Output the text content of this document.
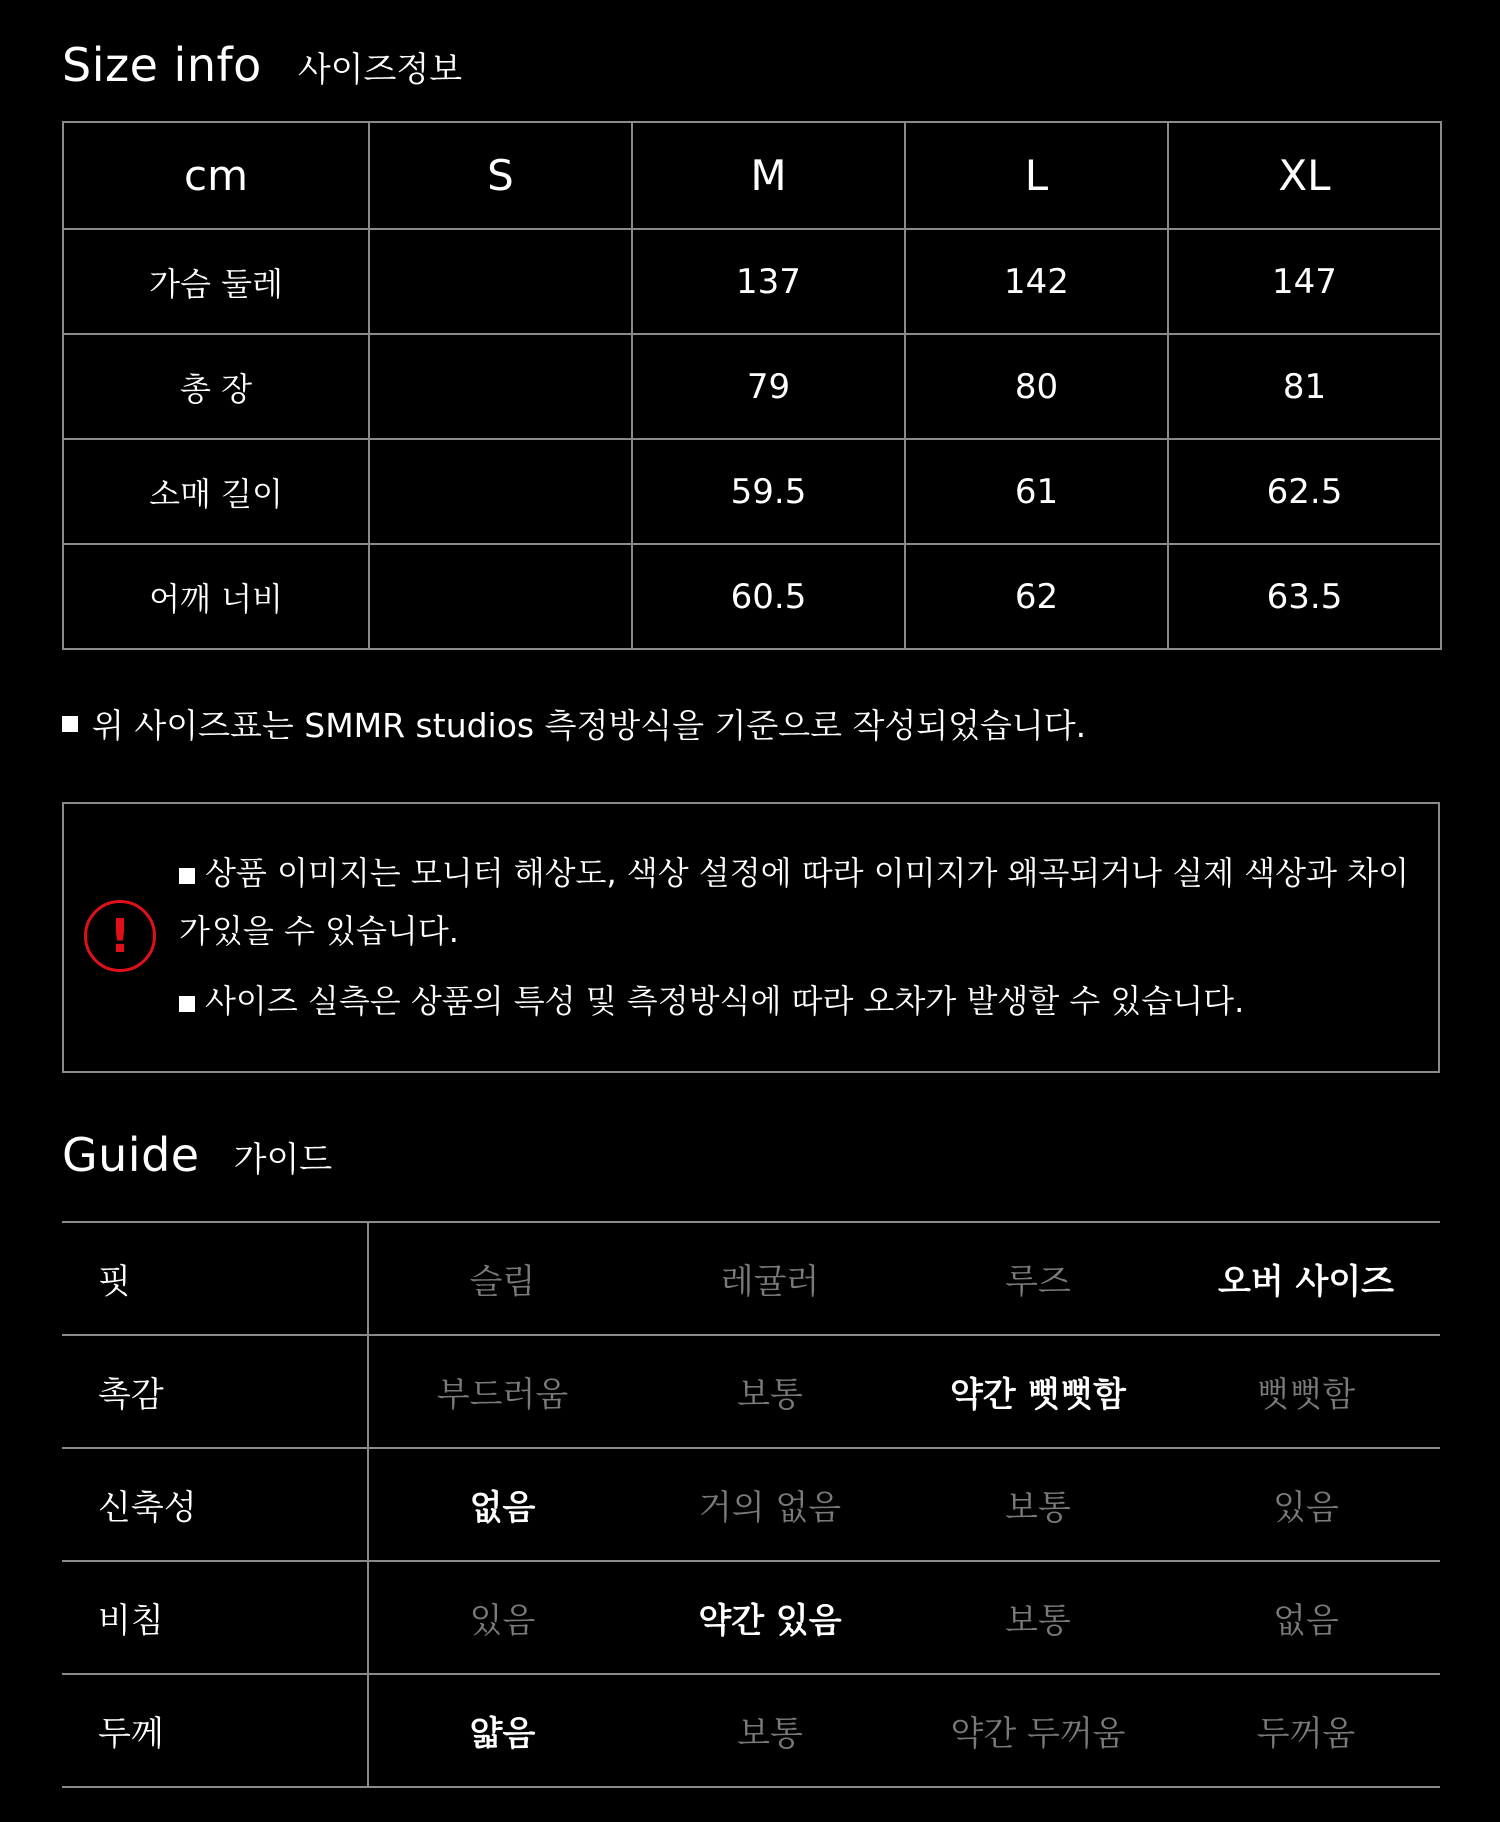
Size info 사이즈정보
cm	S	M	L	XL
가슴 둘레		137	142	147
총 장		79	80	81
소매 길이		59.5	61	62.5
어깨 너비		60.5	62	63.5
위 사이즈표는 SMMR studios 측정방식을 기준으로 작성되었습니다.
!
상품 이미지는 모니터 해상도, 색상 설정에 따라 이미지가 왜곡되거나 실제 색상과 차이가 있을 수 있습니다.
사이즈 실측은 상품의 특성 및 측정방식에 따라 오차가 발생할 수 있습니다.
Guide 가이드
핏	슬림	레귤러	루즈	오버 사이즈
촉감	부드러움	보통	약간 뻣뻣함	뻣뻣함
신축성	없음	거의 없음	보통	있음
비침	있음	약간 있음	보통	없음
두께	얇음	보통	약간 두꺼움	두꺼움
